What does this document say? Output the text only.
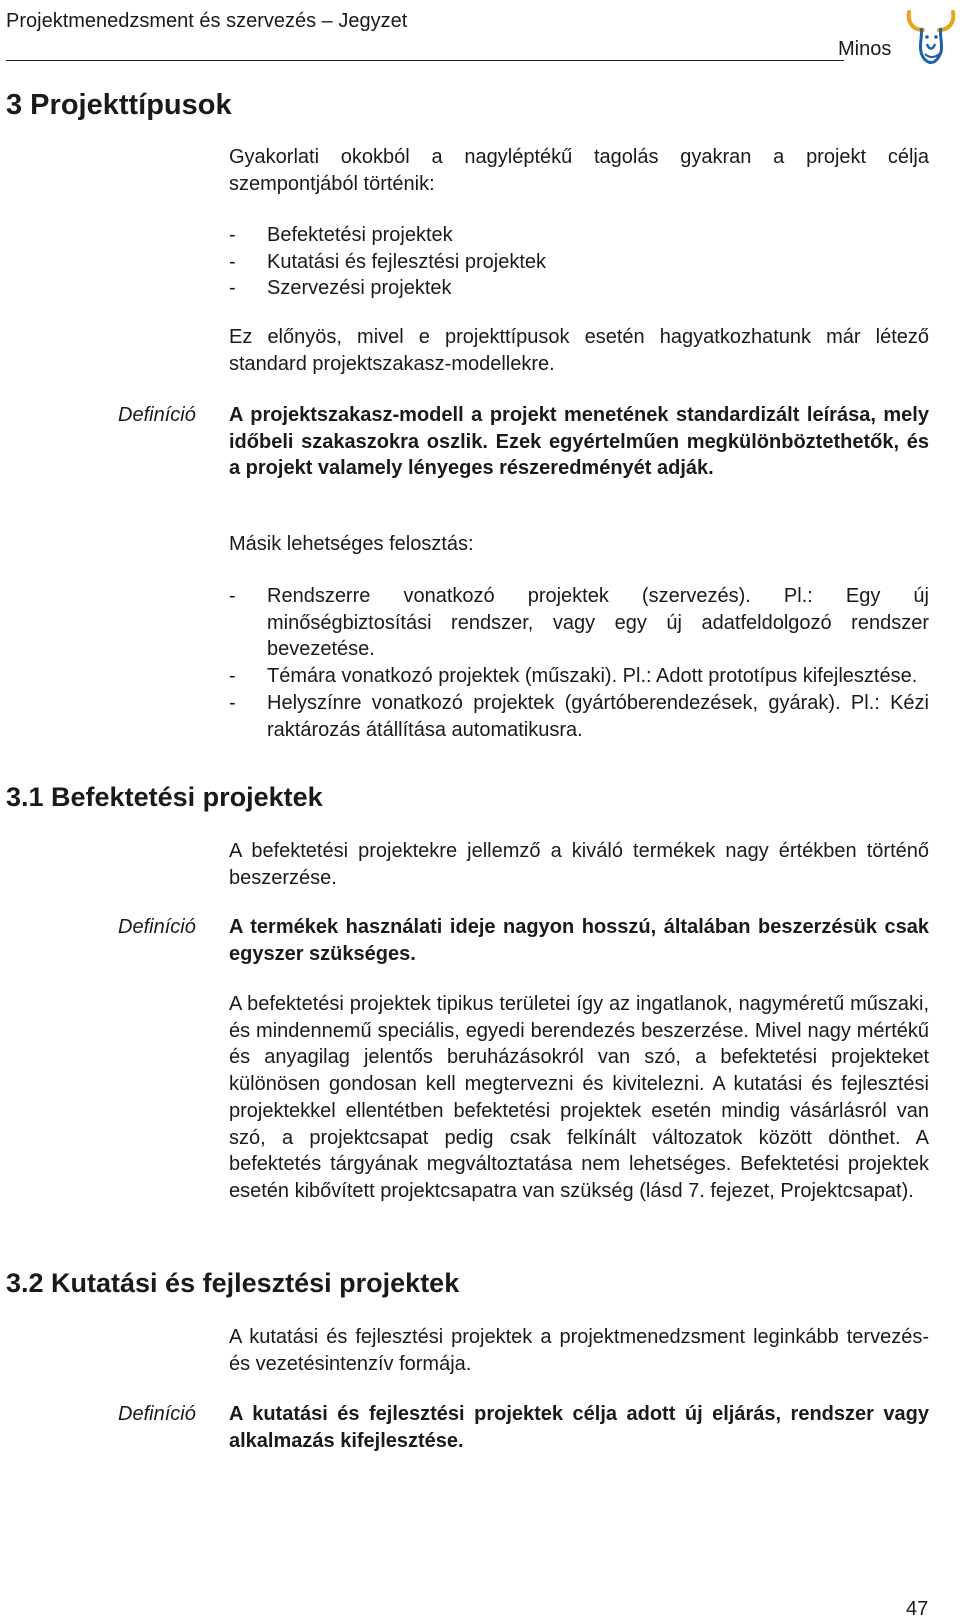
Projektmenedzsment és szervezés – Jegyzet
Minos
3 Projekttípusok

Gyakorlati okokból a nagyléptékű tagolás gyakran a projekt célja szempontjából történik:

- Befektetési projektek
- Kutatási és fejlesztési projektek
- Szervezési projektek

Ez előnyös, mivel e projekttípusok esetén hagyatkozhatunk már létező standard projektszakasz-modellekre.

Definíció A projektszakasz-modell a projekt menetének standardizált leírása, mely időbeli szakaszokra oszlik. Ezek egyértelműen megkülönböztethetők, és a projekt valamely lényeges részeredményét adják.

Másik lehetséges felosztás:

- Rendszerre vonatkozó projektek (szervezés). Pl.: Egy új minőségbiztosítási rendszer, vagy egy új adatfeldolgozó rendszer bevezetése.
- Témára vonatkozó projektek (műszaki). Pl.: Adott prototípus kifejlesztése.
- Helyszínre vonatkozó projektek (gyártóberendezések, gyárak). Pl.: Kézi raktározás átállítása automatikusra.
3.1 Befektetési projektek

A befektetési projektekre jellemző a kiváló termékek nagy értékben történő beszerzése.

Definíció A termékek használati ideje nagyon hosszú, általában beszerzésük csak egyszer szükséges.

A befektetési projektek tipikus területei így az ingatlanok, nagyméretű műszaki, és mindennemű speciális, egyedi berendezés beszerzése. Mivel nagy mértékű és anyagilag jelentős beruházásokról van szó, a befektetési projekteket különösen gondosan kell megtervezni és kivitelezni. A kutatási és fejlesztési projektekkel ellentétben befektetési projektek esetén mindig vásárlásról van szó, a projektcsapat pedig csak felkínált változatok között dönthet. A befektetés tárgyának megváltoztatása nem lehetséges. Befektetési projektek esetén kibővített projektcsapatra van szükség (lásd 7. fejezet, Projektcsapat).

3.2 Kutatási és fejlesztési projektek

A kutatási és fejlesztési projektek a projektmenedzsment leginkább tervezés- és vezetésintenzív formája.

Definíció A kutatási és fejlesztési projektek célja adott új eljárás, rendszer vagy alkalmazás kifejlesztése.

47
